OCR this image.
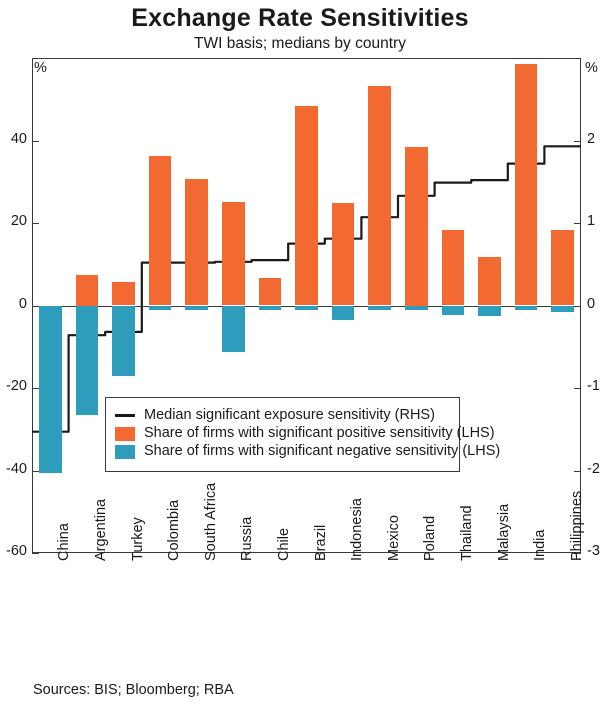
Exchange Rate Sensitivities
TWI basis; medians by country
%	%
Median significant exposure sensitivity (RHS)
Share of firms with significant positive sensitivity (LHS)
Share of firms with significant negative sensitivity (LHS)
Sources: BIS; Bloomberg; RBA
40	2
20	1
0	0
-20	-1
-40	-2
-60	-3
China Argentina Turkey Colombia South Africa Russia Chile Brazil Indonesia Mexico Poland Thailand Malaysia India Philippines
